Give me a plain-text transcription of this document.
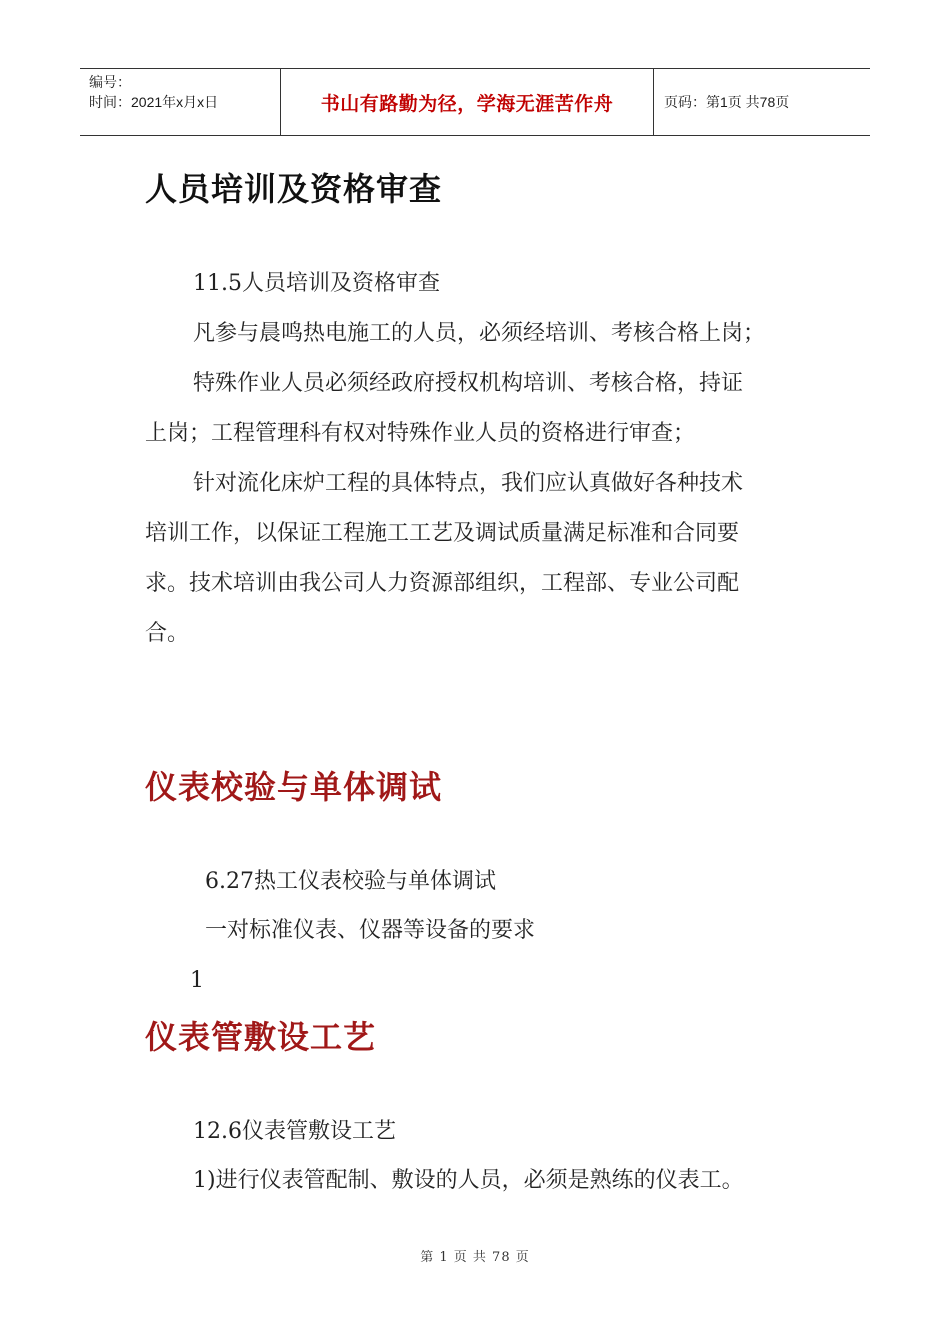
编号：
时间：2021年x月x日	书山有路勤为径，学海无涯苦作舟	页码：第1页 共78页
人员培训及资格审查
11.5人员培训及资格审查
凡参与晨鸣热电施工的人员，必须经培训、考核合格上岗；
特殊作业人员必须经政府授权机构培训、考核合格，持证
上岗；工程管理科有权对特殊作业人员的资格进行审查；
针对流化床炉工程的具体特点，我们应认真做好各种技术
培训工作，以保证工程施工工艺及调试质量满足标准和合同要
求。技术培训由我公司人力资源部组织，工程部、专业公司配
合。
仪表校验与单体调试
6.27热工仪表校验与单体调试
一对标准仪表、仪器等设备的要求
1
仪表管敷设工艺
12.6仪表管敷设工艺
1)进行仪表管配制、敷设的人员，必须是熟练的仪表工。
第 1 页 共 78 页
